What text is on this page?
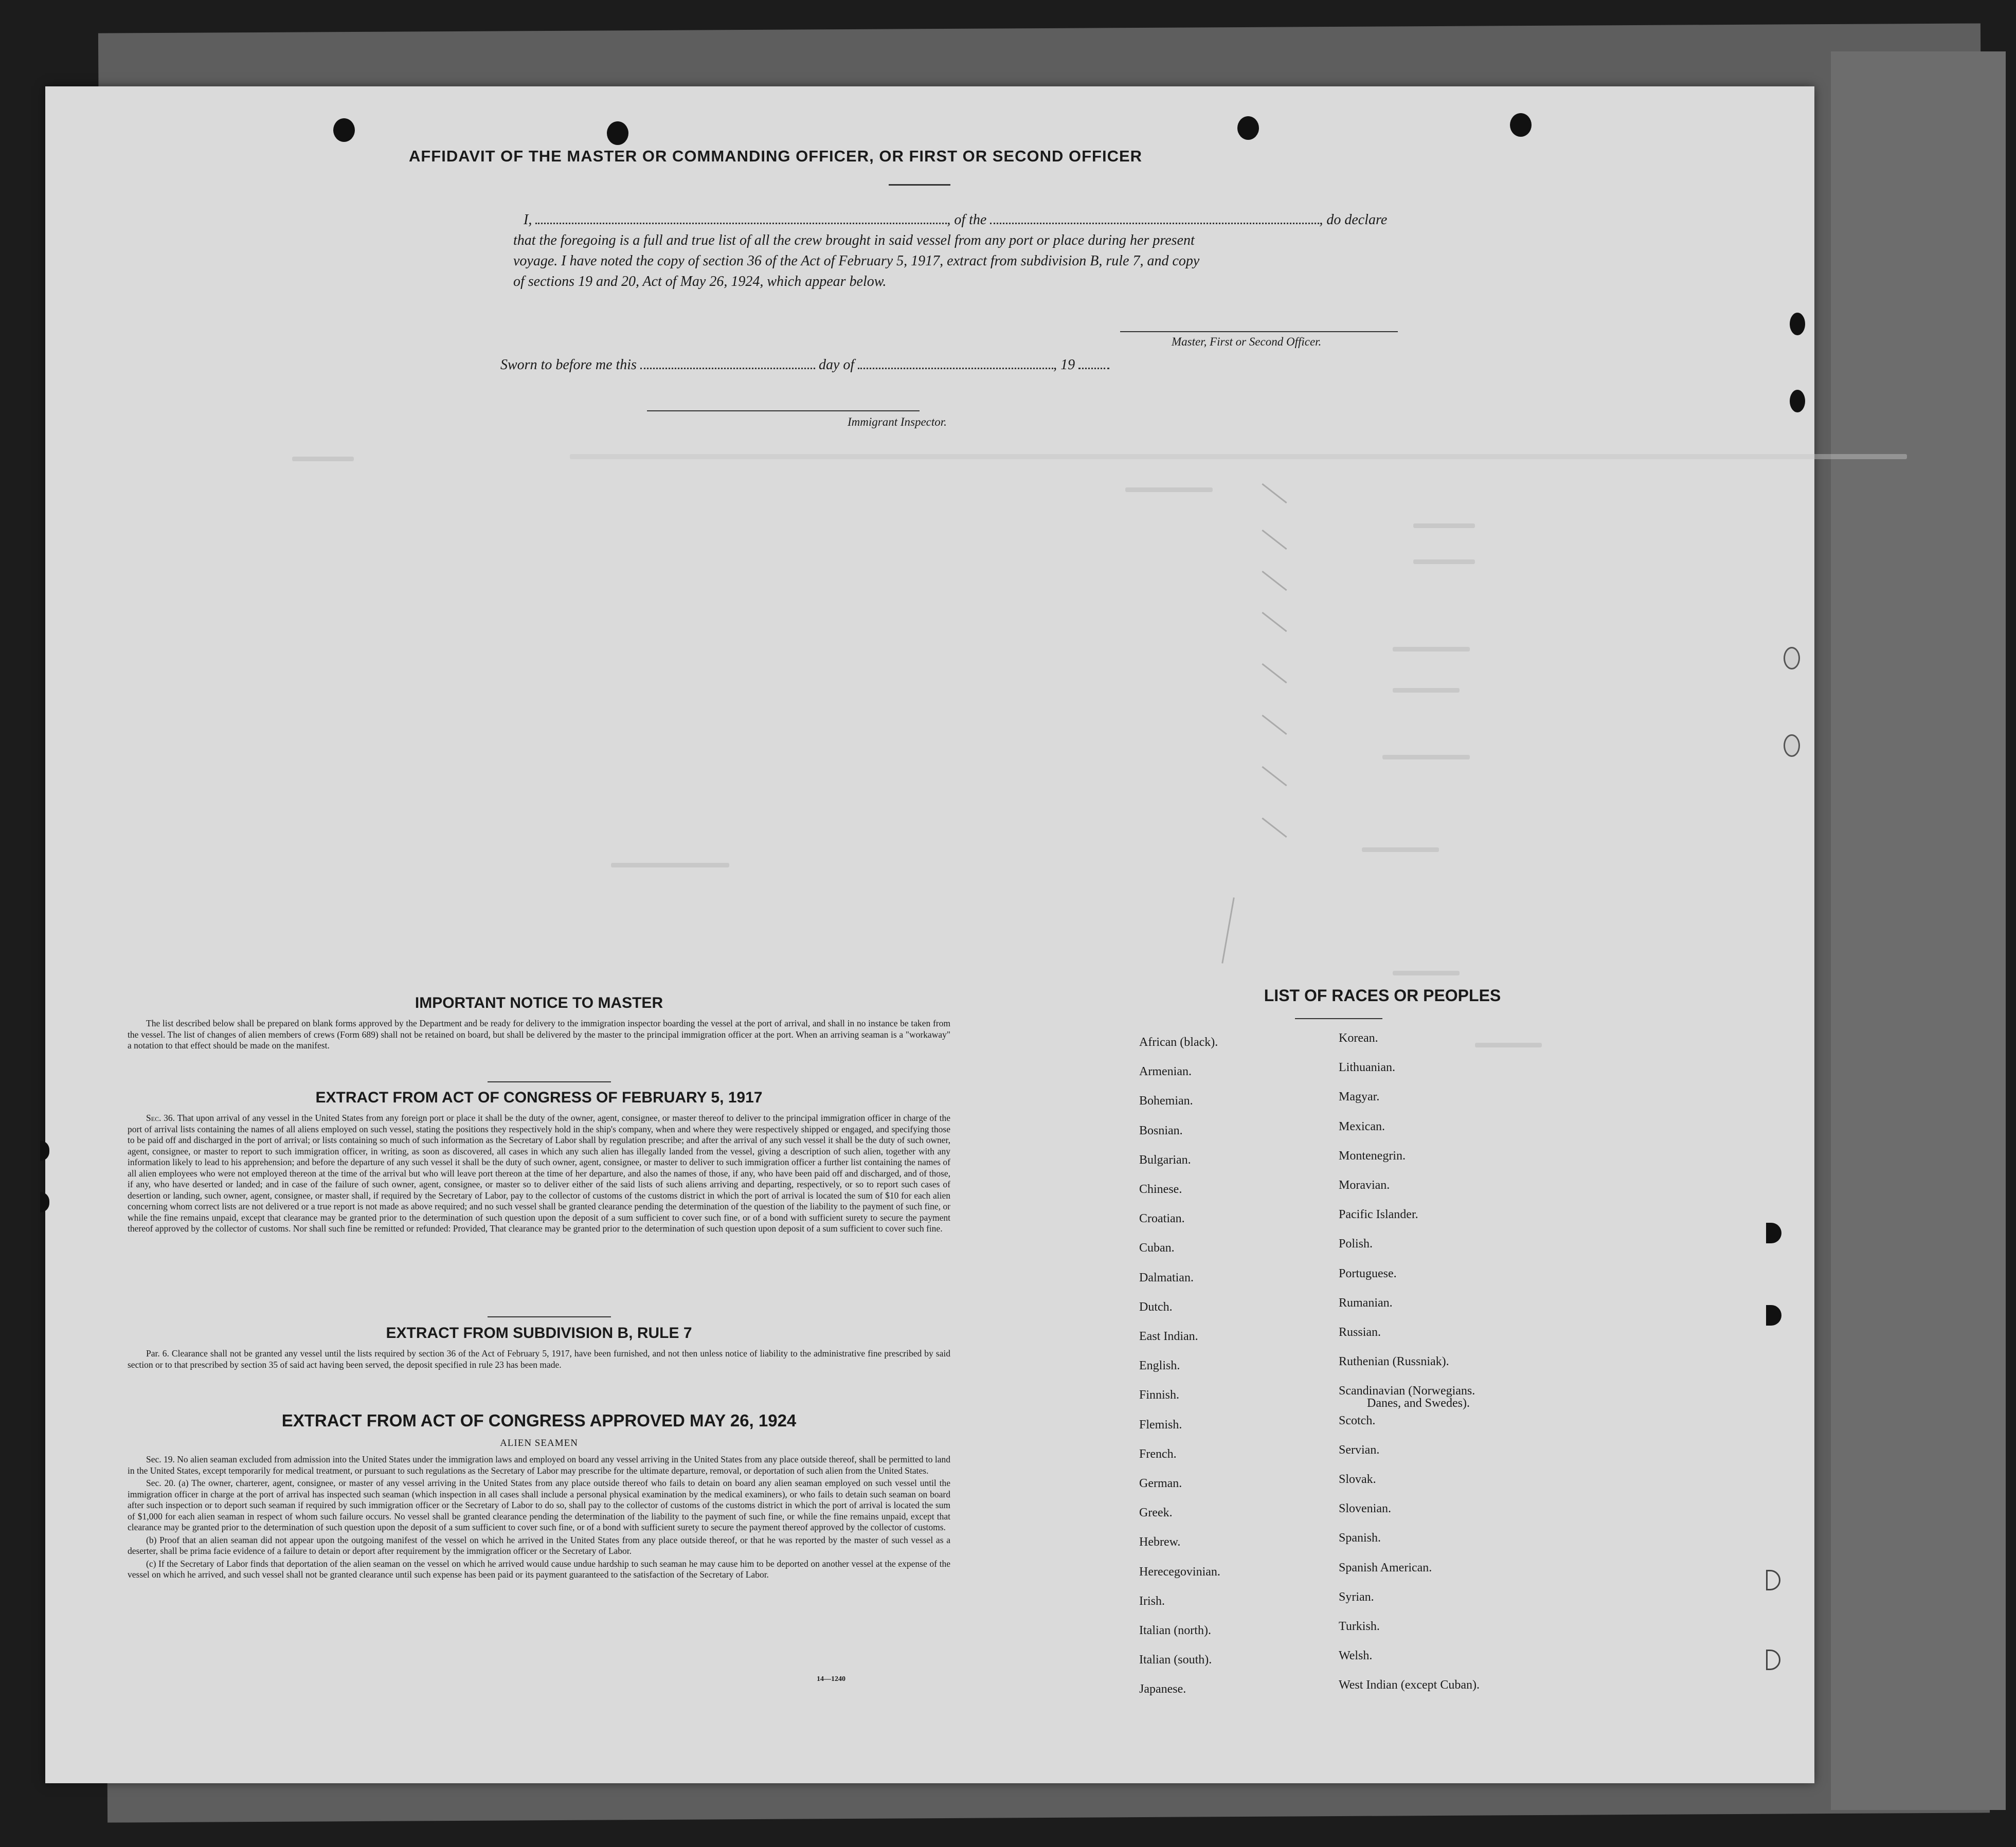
AFFIDAVIT OF THE MASTER OR COMMANDING OFFICER, OR FIRST OR SECOND OFFICER
I,	, of the	, do declare
that the foregoing is a full and true list of all the crew brought in said vessel from any port or place during her present
voyage. I have noted the copy of section 36 of the Act of February 5, 1917, extract from subdivision B, rule 7, and copy
of sections 19 and 20, Act of May 26, 1924, which appear below.
Master, First or Second Officer.
Sworn to before me this	day of	, 19
Immigrant Inspector.
IMPORTANT NOTICE TO MASTER

The list described below shall be prepared on blank forms approved by the Department and be ready for delivery to the immigration inspector boarding the vessel at the port of arrival, and shall in no instance be taken from the vessel. The list of changes of alien members of crews (Form 689) shall not be retained on board, but shall be delivered by the master to the principal immigration officer at the port. When an arriving seaman is a "workaway" a notation to that effect should be made on the manifest.

EXTRACT FROM ACT OF CONGRESS OF FEBRUARY 5, 1917

Sec. 36. That upon arrival of any vessel in the United States from any foreign port or place it shall be the duty of the owner, agent, consignee, or master thereof to deliver to the principal immigration officer in charge of the port of arrival lists containing the names of all aliens employed on such vessel, stating the positions they respectively hold in the ship's company, when and where they were respectively shipped or engaged, and specifying those to be paid off and discharged in the port of arrival; or lists containing so much of such information as the Secretary of Labor shall by regulation prescribe; and after the arrival of any such vessel it shall be the duty of such owner, agent, consignee, or master to report to such immigration officer, in writing, as soon as discovered, all cases in which any such alien has illegally landed from the vessel, giving a description of such alien, together with any information likely to lead to his apprehension; and before the departure of any such vessel it shall be the duty of such owner, agent, consignee, or master to deliver to such immigration officer a further list containing the names of all alien employees who were not employed thereon at the time of the arrival but who will leave port thereon at the time of her departure, and also the names of those, if any, who have been paid off and discharged, and of those, if any, who have deserted or landed; and in case of the failure of such owner, agent, consignee, or master so to deliver either of the said lists of such aliens arriving and departing, respectively, or so to report such cases of desertion or landing, such owner, agent, consignee, or master shall, if required by the Secretary of Labor, pay to the collector of customs of the customs district in which the port of arrival is located the sum of $10 for each alien concerning whom correct lists are not delivered or a true report is not made as above required; and no such vessel shall be granted clearance pending the determination of the question of the liability to the payment of such fine, or while the fine remains unpaid, except that clearance may be granted prior to the determination of such question upon the deposit of a sum sufficient to cover such fine, or of a bond with sufficient surety to secure the payment thereof approved by the collector of customs. Nor shall such fine be remitted or refunded: Provided, That clearance may be granted prior to the determination of such question upon deposit of a sum sufficient to cover such fine.

EXTRACT FROM SUBDIVISION B, RULE 7

Par. 6. Clearance shall not be granted any vessel until the lists required by section 36 of the Act of February 5, 1917, have been furnished, and not then unless notice of liability to the administrative fine prescribed by said section or to that prescribed by section 35 of said act having been served, the deposit specified in rule 23 has been made.

EXTRACT FROM ACT OF CONGRESS APPROVED MAY 26, 1924
ALIEN SEAMEN

Sec. 19. No alien seaman excluded from admission into the United States under the immigration laws and employed on board any vessel arriving in the United States from any place outside thereof, shall be permitted to land in the United States, except temporarily for medical treatment, or pursuant to such regulations as the Secretary of Labor may prescribe for the ultimate departure, removal, or deportation of such alien from the United States.

Sec. 20. (a) The owner, charterer, agent, consignee, or master of any vessel arriving in the United States from any place outside thereof who fails to detain on board any alien seaman employed on such vessel until the immigration officer in charge at the port of arrival has inspected such seaman (which inspection in all cases shall include a personal physical examination by the medical examiners), or who fails to detain such seaman on board after such inspection or to deport such seaman if required by such immigration officer or the Secretary of Labor to do so, shall pay to the collector of customs of the customs district in which the port of arrival is located the sum of $1,000 for each alien seaman in respect of whom such failure occurs. No vessel shall be granted clearance pending the determination of the liability to the payment of such fine, or while the fine remains unpaid, except that clearance may be granted prior to the determination of such question upon the deposit of a sum sufficient to cover such fine, or of a bond with sufficient surety to secure the payment thereof approved by the collector of customs.

(b) Proof that an alien seaman did not appear upon the outgoing manifest of the vessel on which he arrived in the United States from any place outside thereof, or that he was reported by the master of such vessel as a deserter, shall be prima facie evidence of a failure to detain or deport after requirement by the immigration officer or the Secretary of Labor.

(c) If the Secretary of Labor finds that deportation of the alien seaman on the vessel on which he arrived would cause undue hardship to such seaman he may cause him to be deported on another vessel at the expense of the vessel on which he arrived, and such vessel shall not be granted clearance until such expense has been paid or its payment guaranteed to the satisfaction of the Secretary of Labor.

14—1240
LIST OF RACES OR PEOPLES
African (black).
Armenian.
Bohemian.
Bosnian.
Bulgarian.
Chinese.
Croatian.
Cuban.
Dalmatian.
Dutch.
East Indian.
English.
Finnish.
Flemish.
French.
German.
Greek.
Hebrew.
Herecegovinian.
Irish.
Italian (north).
Italian (south).
Japanese.
Korean.
Lithuanian.
Magyar.
Mexican.
Montenegrin.
Moravian.
Pacific Islander.
Polish.
Portuguese.
Rumanian.
Russian.
Ruthenian (Russniak).
Scandinavian (Norwegians.
Danes, and Swedes).
Scotch.
Servian.
Slovak.
Slovenian.
Spanish.
Spanish American.
Syrian.
Turkish.
Welsh.
West Indian (except Cuban).
